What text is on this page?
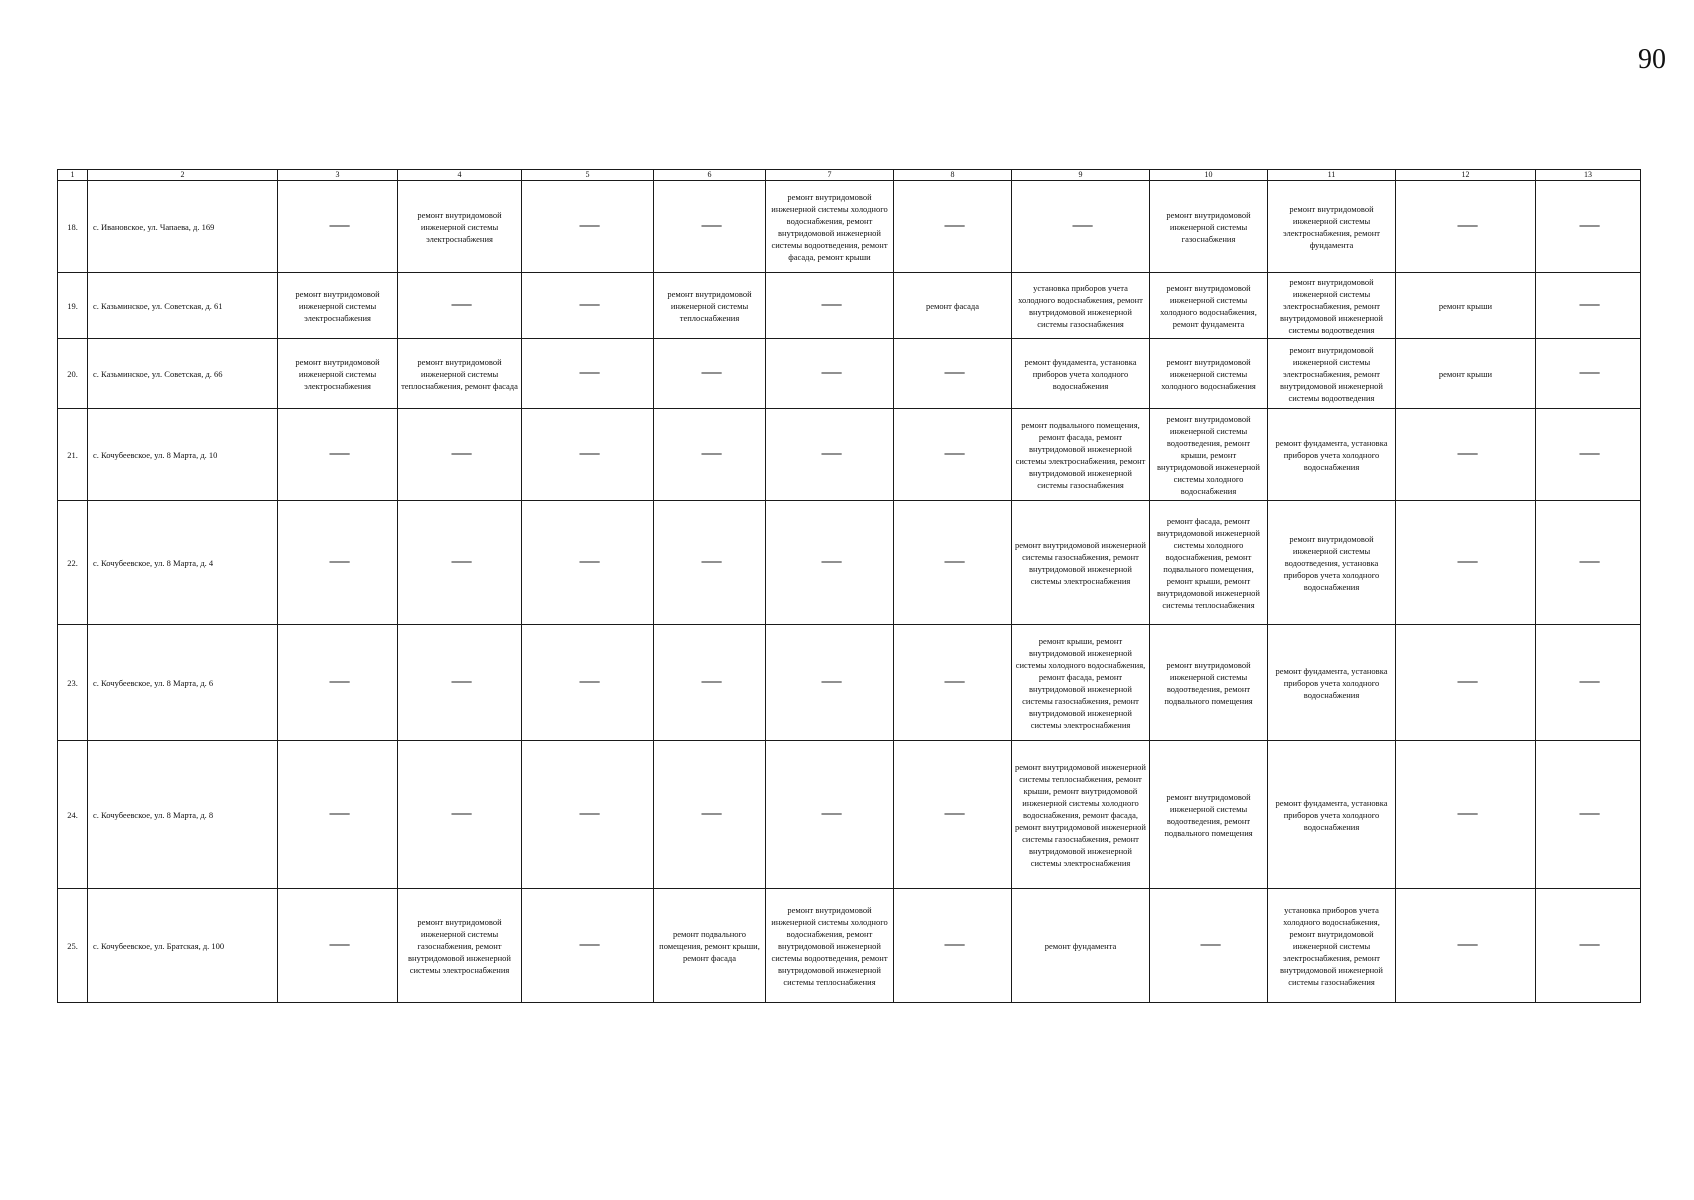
90
1	2	3	4	5	6	7	8	9	10	11	12	13
18.	с. Ивановское, ул. Чапаева, д. 169	—	ремонт внутридомовой инженерной системы электроснабжения	—	—	ремонт внутридомовой инженерной системы холодного водоснабжения, ремонт внутридомовой инженерной системы водоотведения, ремонт фасада, ремонт крыши	—	—	ремонт внутридомовой инженерной системы газоснабжения	ремонт внутридомовой инженерной системы электроснабжения, ремонт фундамента	—	—
19.	с. Казьминское, ул. Советская, д. 61	ремонт внутридомовой инженерной системы электроснабжения	—	—	ремонт внутридомовой инженерной системы теплоснабжения	—	ремонт фасада	установка приборов учета холодного водоснабжения, ремонт внутридомовой инженерной системы газоснабжения	ремонт внутридомовой инженерной системы холодного водоснабжения, ремонт фундамента	ремонт внутридомовой инженерной системы электроснабжения, ремонт внутридомовой инженерной системы водоотведения	ремонт крыши	—
20.	с. Казьминское, ул. Советская, д. 66	ремонт внутридомовой инженерной системы электроснабжения	ремонт внутридомовой инженерной системы теплоснабжения, ремонт фасада	—	—	—	—	ремонт фундамента, установка приборов учета холодного водоснабжения	ремонт внутридомовой инженерной системы холодного водоснабжения	ремонт внутридомовой инженерной системы электроснабжения, ремонт внутридомовой инженерной системы водоотведения	ремонт крыши	—
21.	с. Кочубеевское, ул. 8 Марта, д. 10	—	—	—	—	—	—	ремонт подвального помещения, ремонт фасада, ремонт внутридомовой инженерной системы электроснабжения, ремонт внутридомовой инженерной системы газоснабжения	ремонт внутридомовой инженерной системы водоотведения, ремонт крыши, ремонт внутридомовой инженерной системы холодного водоснабжения	ремонт фундамента, установка приборов учета холодного водоснабжения	—	—
22.	с. Кочубеевское, ул. 8 Марта, д. 4	—	—	—	—	—	—	ремонт внутридомовой инженерной системы газоснабжения, ремонт внутридомовой инженерной системы электроснабжения	ремонт фасада, ремонт внутридомовой инженерной системы холодного водоснабжения, ремонт подвального помещения, ремонт крыши, ремонт внутридомовой инженерной системы теплоснабжения	ремонт внутридомовой инженерной системы водоотведения, установка приборов учета холодного водоснабжения	—	—
23.	с. Кочубеевское, ул. 8 Марта, д. 6	—	—	—	—	—	—	ремонт крыши, ремонт внутридомовой инженерной системы холодного водоснабжения, ремонт фасада, ремонт внутридомовой инженерной системы газоснабжения, ремонт внутридомовой инженерной системы электроснабжения	ремонт внутридомовой инженерной системы водоотведения, ремонт подвального помещения	ремонт фундамента, установка приборов учета холодного водоснабжения	—	—
24.	с. Кочубеевское, ул. 8 Марта, д. 8	—	—	—	—	—	—	ремонт внутридомовой инженерной системы теплоснабжения, ремонт крыши, ремонт внутридомовой инженерной системы холодного водоснабжения, ремонт фасада, ремонт внутридомовой инженерной системы газоснабжения, ремонт внутридомовой инженерной системы электроснабжения	ремонт внутридомовой инженерной системы водоотведения, ремонт подвального помещения	ремонт фундамента, установка приборов учета холодного водоснабжения	—	—
25.	с. Кочубеевское, ул. Братская, д. 100	—	ремонт внутридомовой инженерной системы газоснабжения, ремонт внутридомовой инженерной системы электроснабжения	—	ремонт подвального помещения, ремонт крыши, ремонт фасада	ремонт внутридомовой инженерной системы холодного водоснабжения, ремонт внутридомовой инженерной системы водоотведения, ремонт внутридомовой инженерной системы теплоснабжения	—	ремонт фундамента	—	установка приборов учета холодного водоснабжения, ремонт внутридомовой инженерной системы электроснабжения, ремонт внутридомовой инженерной системы газоснабжения	—	—
